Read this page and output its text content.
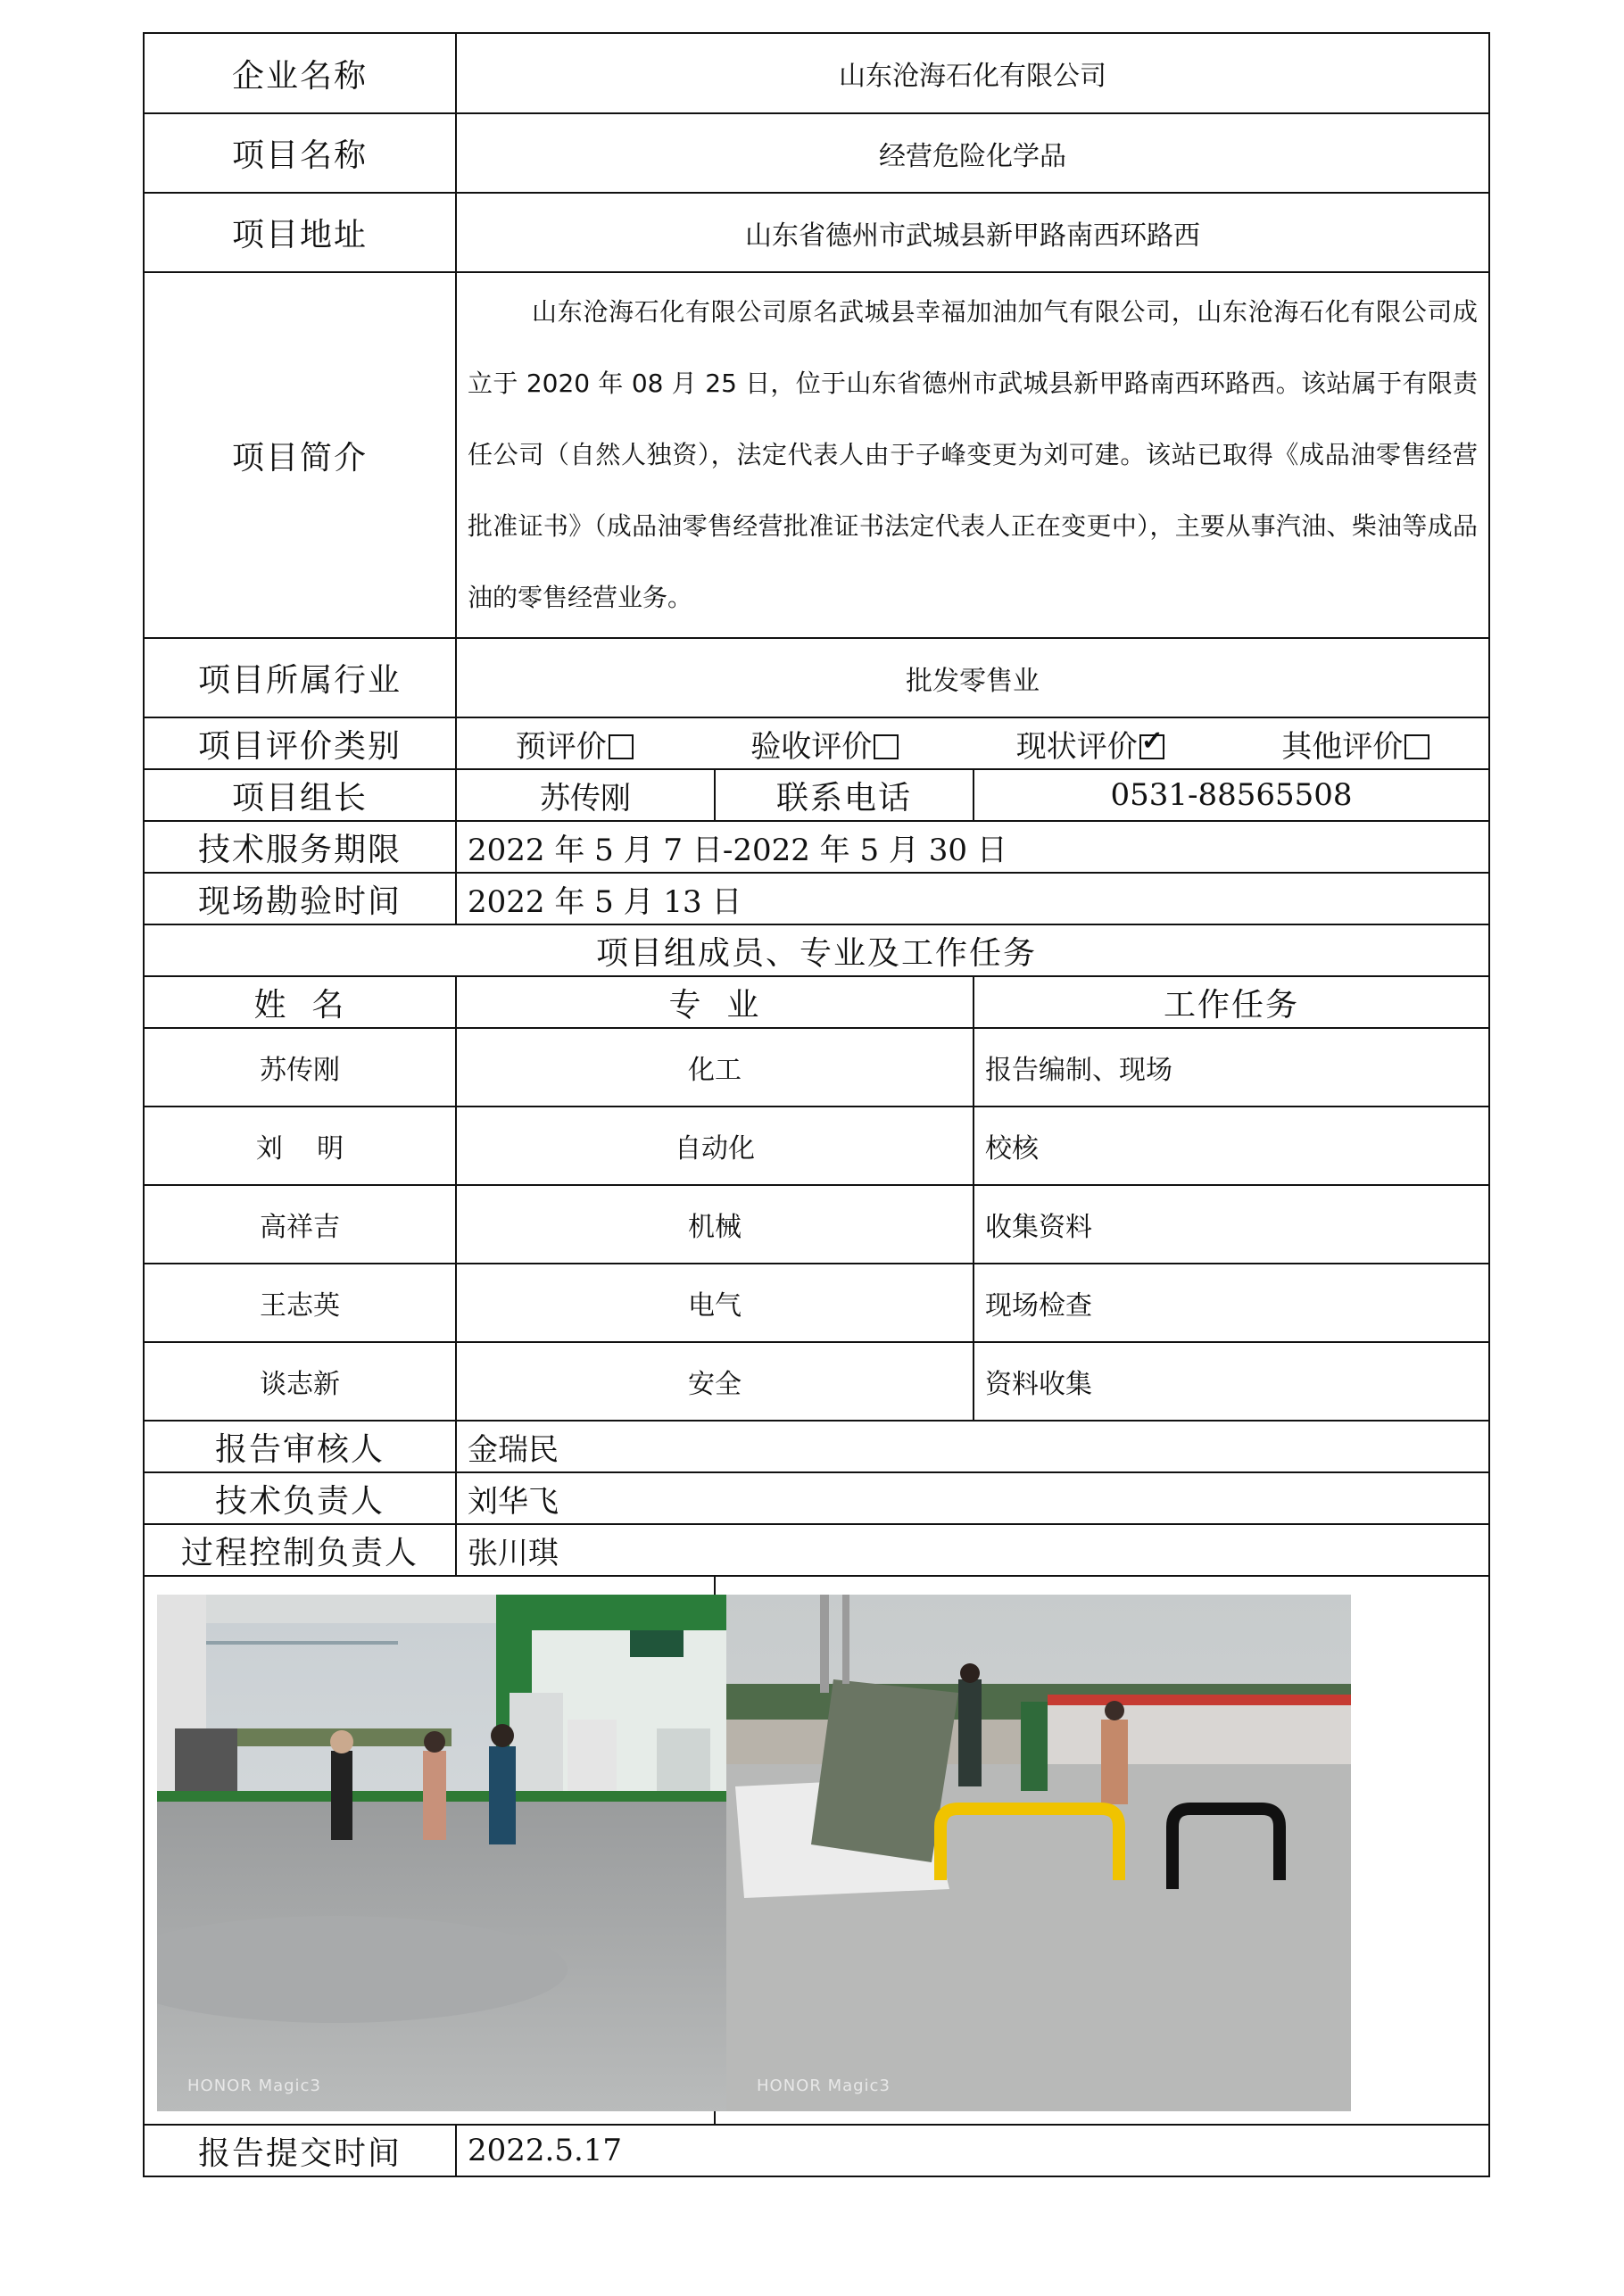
企业名称	山东沧海石化有限公司		
项目名称	经营危险化学品		
项目地址	山东省德州市武城县新甲路南西环路西		
项目简介	山东沧海石化有限公司原名武城县幸福加油加气有限公司，山东沧海石化有限公司成立于 2020 年 08 月 25 日，位于山东省德州市武城县新甲路南西环路西。该站属于有限责任公司（自然人独资），法定代表人由于子峰变更为刘可建。该站已取得《成品油零售经营批准证书》（成品油零售经营批准证书法定代表人正在变更中），主要从事汽油、柴油等成品油的零售经营业务。		

项目所属行业	批发零售业		
项目评价类别	预评价 验收评价 现状评价 ✓ 其他评价

项目组长	苏传刚	联系电话	0531-88565508
技术服务期限	2022 年 5 月 7 日-2022 年 5 月 30 日		
现场勘验时间	2022 年 5 月 13 日		
项目组成员、专业及工作任务			
姓  名	专  业		工作任务
苏传刚	化工		报告编制、现场
刘    明	自动化		校核
高祥吉	机械		收集资料
王志英	电气		现场检查
谈志新	安全		资料收集
报告审核人	金瑞民		
技术负责人	刘华飞		
过程控制负责人	张川琪		

HONOR Magic3		HONOR Magic3	

报告提交时间	2022.5.17		
